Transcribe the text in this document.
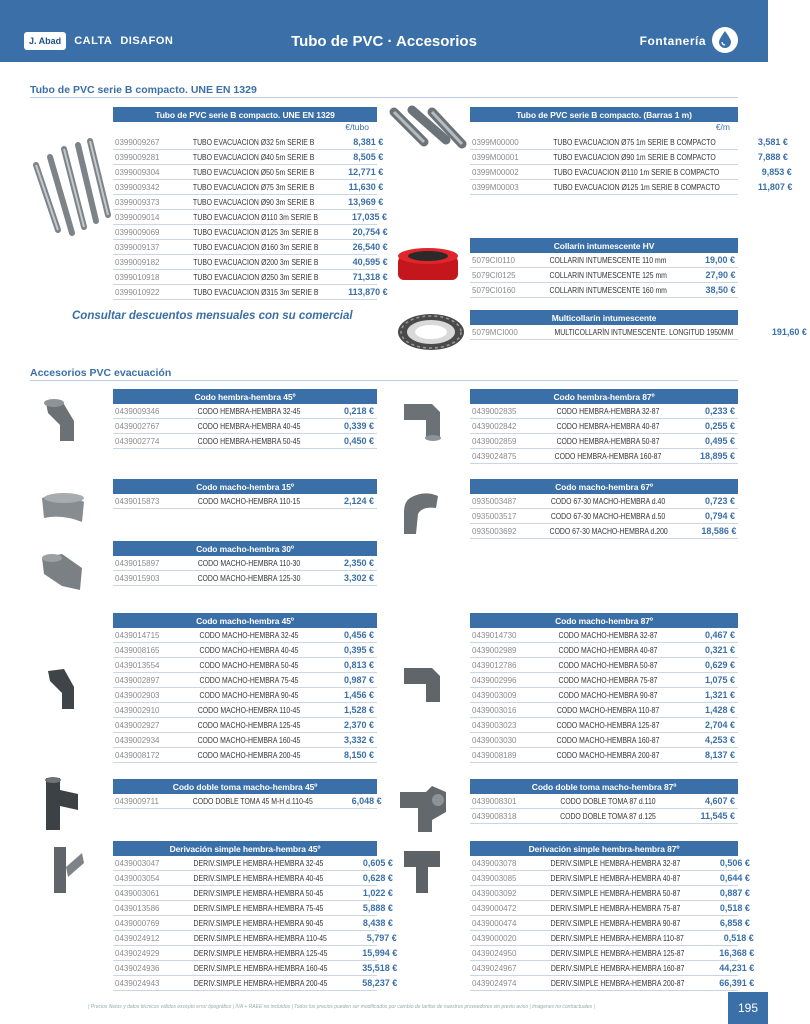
J. Abad	CALTA DISAFON	Tubo de PVC · Accesorios	Fontanería
Tubo de PVC serie B compacto. UNE EN 1329
Consultar descuentos mensuales con su comercial
Accesorios PVC evacuación
Tubo de PVC serie B compacto. UNE EN 1329
€/tubo
0399009267	TUBO EVACUACION Ø32 5m SERIE B	8,381 €
0399009281	TUBO EVACUACION Ø40 5m SERIE B	8,505 €
0399009304	TUBO EVACUACION Ø50 5m SERIE B	12,771 €
0399009342	TUBO EVACUACION Ø75 3m SERIE B	11,630 €
0399009373	TUBO EVACUACION Ø90 3m SERIE B	13,969 €
0399009014	TUBO EVACUACION Ø110 3m SERIE B	17,035 €
0399009069	TUBO EVACUACION Ø125 3m SERIE B	20,754 €
0399009137	TUBO EVACUACION Ø160 3m SERIE B	26,540 €
0399009182	TUBO EVACUACION Ø200 3m SERIE B	40,595 €
0399010918	TUBO EVACUACION Ø250 3m SERIE B	71,318 €
0399010922	TUBO EVACUACION Ø315 3m SERIE B	113,870 €
Tubo de PVC serie B compacto. (Barras 1 m)
€/m
0399M00000	TUBO EVACUACION Ø75 1m SERIE B COMPACTO	3,581 €
0399M00001	TUBO EVACUACION Ø90 1m SERIE B COMPACTO	7,888 €
0399M00002	TUBO EVACUACION Ø110 1m SERIE B COMPACTO	9,853 €
0399M00003	TUBO EVACUACION Ø125 1m SERIE B COMPACTO	11,807 €
Collarín intumescente HV
5079CI0110	COLLARIN INTUMESCENTE 110 mm	19,00 €
5079CI0125	COLLARIN INTUMESCENTE 125 mm	27,90 €
5079CI0160	COLLARIN INTUMESCENTE 160 mm	38,50 €
Multicollarín intumescente
5079MCI000	MULTICOLLARÍN INTUMESCENTE. LONGITUD 1950MM	191,60 €
Codo hembra-hembra 45º
0439009346	CODO HEMBRA-HEMBRA 32-45	0,218 €
0439002767	CODO HEMBRA-HEMBRA 40-45	0,339 €
0439002774	CODO HEMBRA-HEMBRA 50-45	0,450 €
Codo hembra-hembra 87º
0439002835	CODO HEMBRA-HEMBRA 32-87	0,233 €
0439002842	CODO HEMBRA-HEMBRA 40-87	0,255 €
0439002859	CODO HEMBRA-HEMBRA 50-87	0,495 €
0439024875	CODO HEMBRA-HEMBRA 160-87	18,895 €
Codo macho-hembra 15º
0439015873	CODO MACHO-HEMBRA 110-15	2,124 €
Codo macho-hembra 67º
0935003487	CODO 67-30 MACHO-HEMBRA d.40	0,723 €
0935003517	CODO 67-30 MACHO-HEMBRA d.50	0,794 €
0935003692	CODO 67-30 MACHO-HEMBRA d.200	18,586 €
Codo macho-hembra 30º
0439015897	CODO MACHO-HEMBRA 110-30	2,350 €
0439015903	CODO MACHO-HEMBRA 125-30	3,302 €
Codo macho-hembra 45º
0439014715	CODO MACHO-HEMBRA 32-45	0,456 €
0439008165	CODO MACHO-HEMBRA 40-45	0,395 €
0439013554	CODO MACHO-HEMBRA 50-45	0,813 €
0439002897	CODO MACHO-HEMBRA 75-45	0,987 €
0439002903	CODO MACHO-HEMBRA 90-45	1,456 €
0439002910	CODO MACHO-HEMBRA 110-45	1,528 €
0439002927	CODO MACHO-HEMBRA 125-45	2,370 €
0439002934	CODO MACHO-HEMBRA 160-45	3,332 €
0439008172	CODO MACHO-HEMBRA 200-45	8,150 €
Codo macho-hembra 87º
0439014730	CODO MACHO-HEMBRA 32-87	0,467 €
0439002989	CODO MACHO-HEMBRA 40-87	0,321 €
0439012786	CODO MACHO-HEMBRA 50-87	0,629 €
0439002996	CODO MACHO-HEMBRA 75-87	1,075 €
0439003009	CODO MACHO-HEMBRA 90-87	1,321 €
0439003016	CODO MACHO-HEMBRA 110-87	1,428 €
0439003023	CODO MACHO-HEMBRA 125-87	2,704 €
0439003030	CODO MACHO-HEMBRA 160-87	4,253 €
0439008189	CODO MACHO-HEMBRA 200-87	8,137 €
Codo doble toma macho-hembra 45º
0439009711	CODO DOBLE TOMA 45 M-H d.110-45	6,048 €
Codo doble toma macho-hembra 87º
0439008301	CODO DOBLE TOMA 87 d.110	4,607 €
0439008318	CODO DOBLE TOMA 87 d.125	11,545 €
Derivación simple hembra-hembra 45º
0439003047	DERIV.SIMPLE HEMBRA-HEMBRA 32-45	0,605 €
0439003054	DERIV.SIMPLE HEMBRA-HEMBRA 40-45	0,628 €
0439003061	DERIV.SIMPLE HEMBRA-HEMBRA 50-45	1,022 €
0439013586	DERIV.SIMPLE HEMBRA-HEMBRA 75-45	5,888 €
0439000769	DERIV.SIMPLE HEMBRA-HEMBRA 90-45	8,438 €
0439024912	DERIV.SIMPLE HEMBRA-HEMBRA 110-45	5,797 €
0439024929	DERIV.SIMPLE HEMBRA-HEMBRA 125-45	15,994 €
0439024936	DERIV.SIMPLE HEMBRA-HEMBRA 160-45	35,518 €
0439024943	DERIV.SIMPLE HEMBRA-HEMBRA 200-45	58,237 €
Derivación simple hembra-hembra 87º
0439003078	DERIV.SIMPLE HEMBRA-HEMBRA 32-87	0,506 €
0439003085	DERIV.SIMPLE HEMBRA-HEMBRA 40-87	0,644 €
0439003092	DERIV.SIMPLE HEMBRA-HEMBRA 50-87	0,887 €
0439000472	DERIV.SIMPLE HEMBRA-HEMBRA 75-87	0,518 €
0439000474	DERIV.SIMPLE HEMBRA-HEMBRA 90-87	6,858 €
0439000020	DERIV.SIMPLE HEMBRA-HEMBRA 110-87	0,518 €
0439024950	DERIV.SIMPLE HEMBRA-HEMBRA 125-87	16,368 €
0439024967	DERIV.SIMPLE HEMBRA-HEMBRA 160-87	44,231 €
0439024974	DERIV.SIMPLE HEMBRA-HEMBRA 200-87	66,391 €
| Precios Netos y datos técnicos válidos excepto error tipográfico | IVA + RAEE no incluidos | Todos los precios pueden ser modificados por cambio de tarifas de nuestros proveedores sin previo aviso | Imágenes no contractuales |	195
